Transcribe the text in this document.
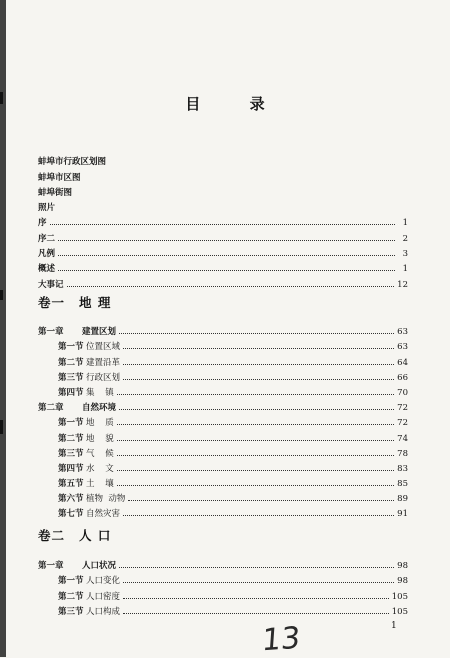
目 录
蚌埠市行政区划图
蚌埠市区图
蚌埠街图
照片
序	1
序二	2
凡例	3
概述	1
大事记	12
卷一 地 理
第一章	建置区划	63
第一节 位置区域	63
第二节 建置沿革	64
第三节 行政区划	66
第四节 集    镇	70
第二章	自然环境	72
第一节 地    质	72
第二节 地    貌	74
第三节 气    候	78
第四节 水    文	83
第五节 土    壤	85
第六节 植物  动物	89
第七节 自然灾害	91
卷二 人 口
第一章	人口状况	98
第一节 人口变化	98
第二节 人口密度	105
第三节 人口构成	105
13	1
